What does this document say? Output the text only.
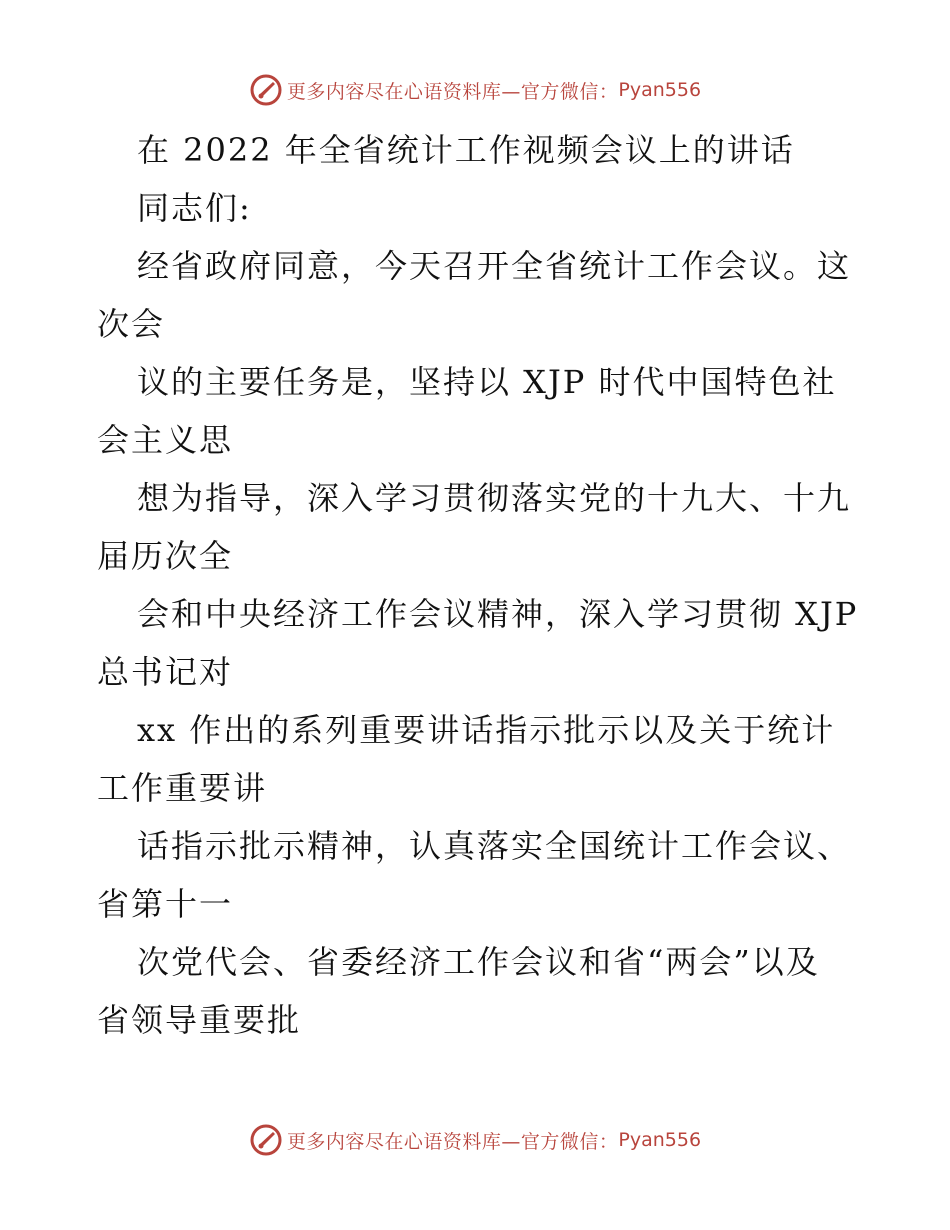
更多内容尽在心语资料库—官方微信： Pyan556
在 2022 年全省统计工作视频会议上的讲话
同志们:
经省政府同意，今天召开全省统计工作会议。这
次会
议的主要任务是，坚持以 XJP 时代中国特色社
会主义思
想为指导，深入学习贯彻落实党的十九大、十九
届历次全
会和中央经济工作会议精神，深入学习贯彻 XJP
总书记对
xx 作出的系列重要讲话指示批示以及关于统计
工作重要讲
话指示批示精神，认真落实全国统计工作会议、
省第十一
次党代会、省委经济工作会议和省“两会”以及
省领导重要批
更多内容尽在心语资料库—官方微信： Pyan556
